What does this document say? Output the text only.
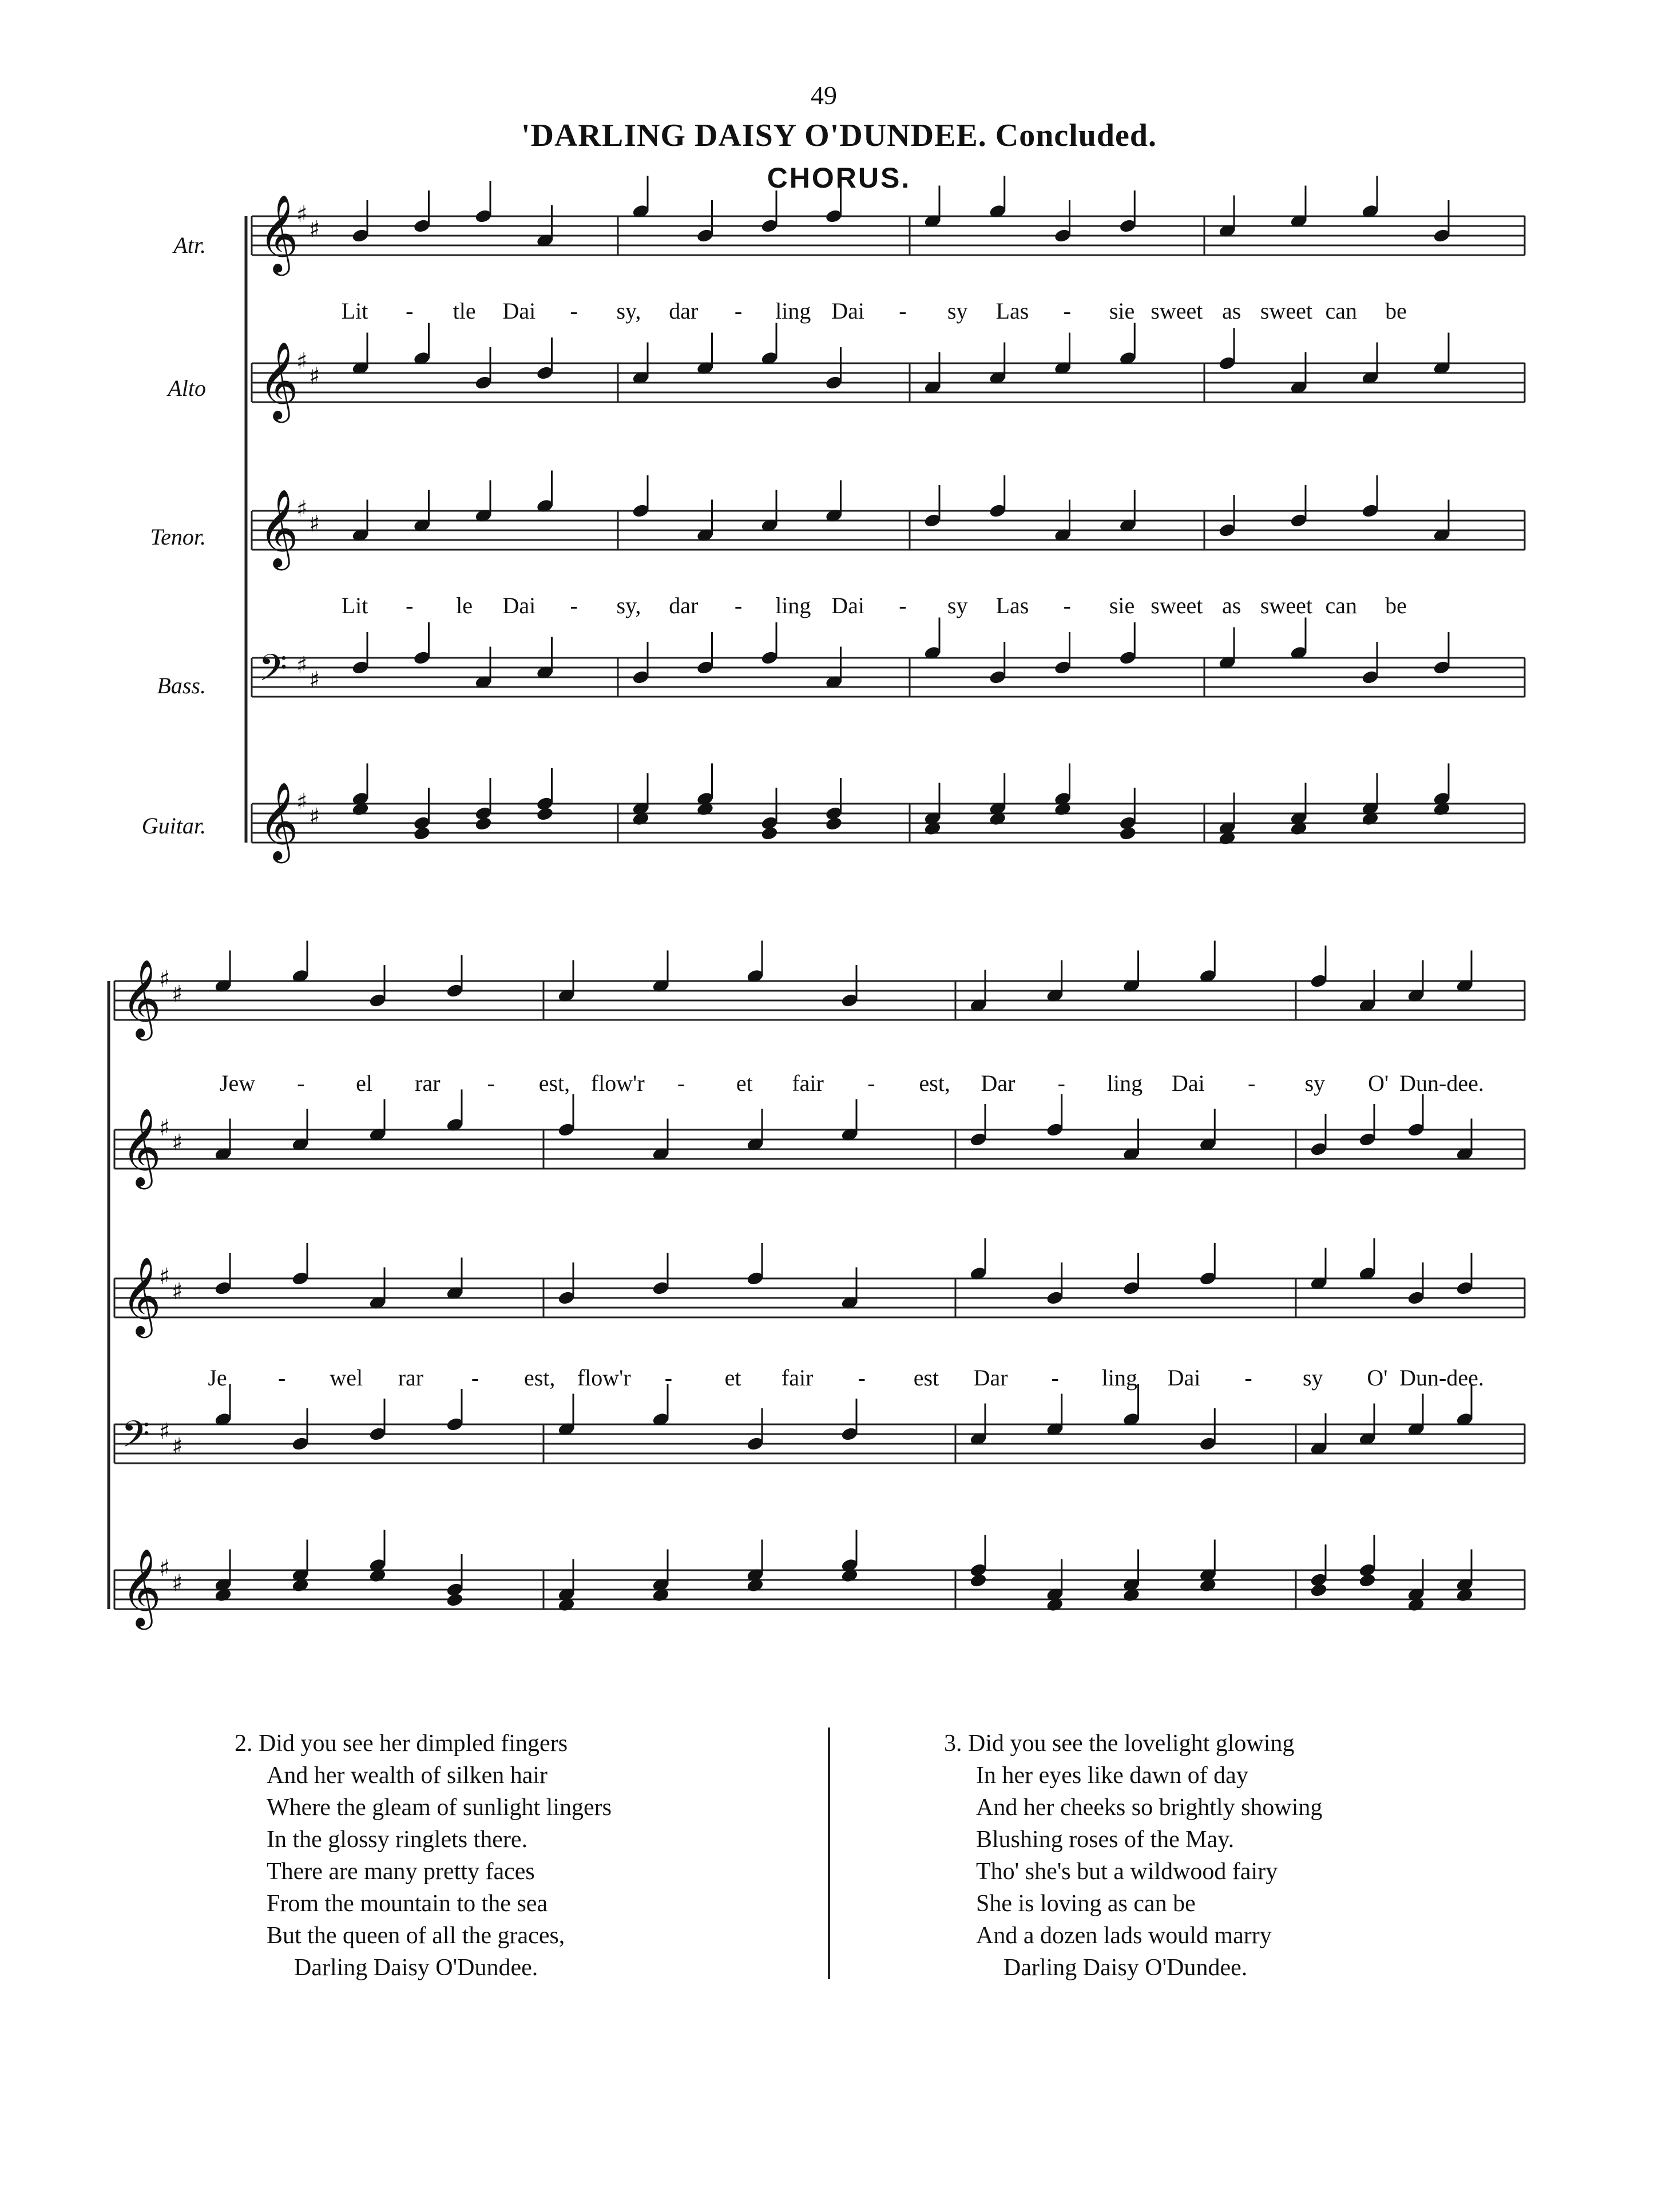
49
'DARLING DAISY O'DUNDEE. Concluded.
CHORUS.
Atr.
Alto
Tenor.
Bass.
Guitar.
𝄞
♯
♯
𝄞
♯
♯
𝄞
♯
♯
𝄢 ♯
♯
𝄞
♯
♯
𝄞
♯
♯
𝄞
♯
♯
𝄞
♯
♯
𝄢 ♯
♯
𝄞
♯
♯
Lit - tle Dai - sy, dar - ling Dai - sy Las - sie sweet as sweet can be
Lit - le Dai - sy, dar - ling Dai - sy Las - sie sweet as sweet can be
Jew - el rar - est, flow'r - et fair - est, Dar - ling Dai - sy O' Dun-dee.
Je - wel rar - est, flow'r - et fair - est Dar - ling Dai - sy O' Dun-dee.
2. Did you see her dimpled fingers
And her wealth of silken hair
Where the gleam of sunlight lingers
In the glossy ringlets there.
There are many pretty faces
From the mountain to the sea
But the queen of all the graces,
Darling Daisy O'Dundee.
3. Did you see the lovelight glowing
In her eyes like dawn of day
And her cheeks so brightly showing
Blushing roses of the May.
Tho' she's but a wildwood fairy
She is loving as can be
And a dozen lads would marry
Darling Daisy O'Dundee.
